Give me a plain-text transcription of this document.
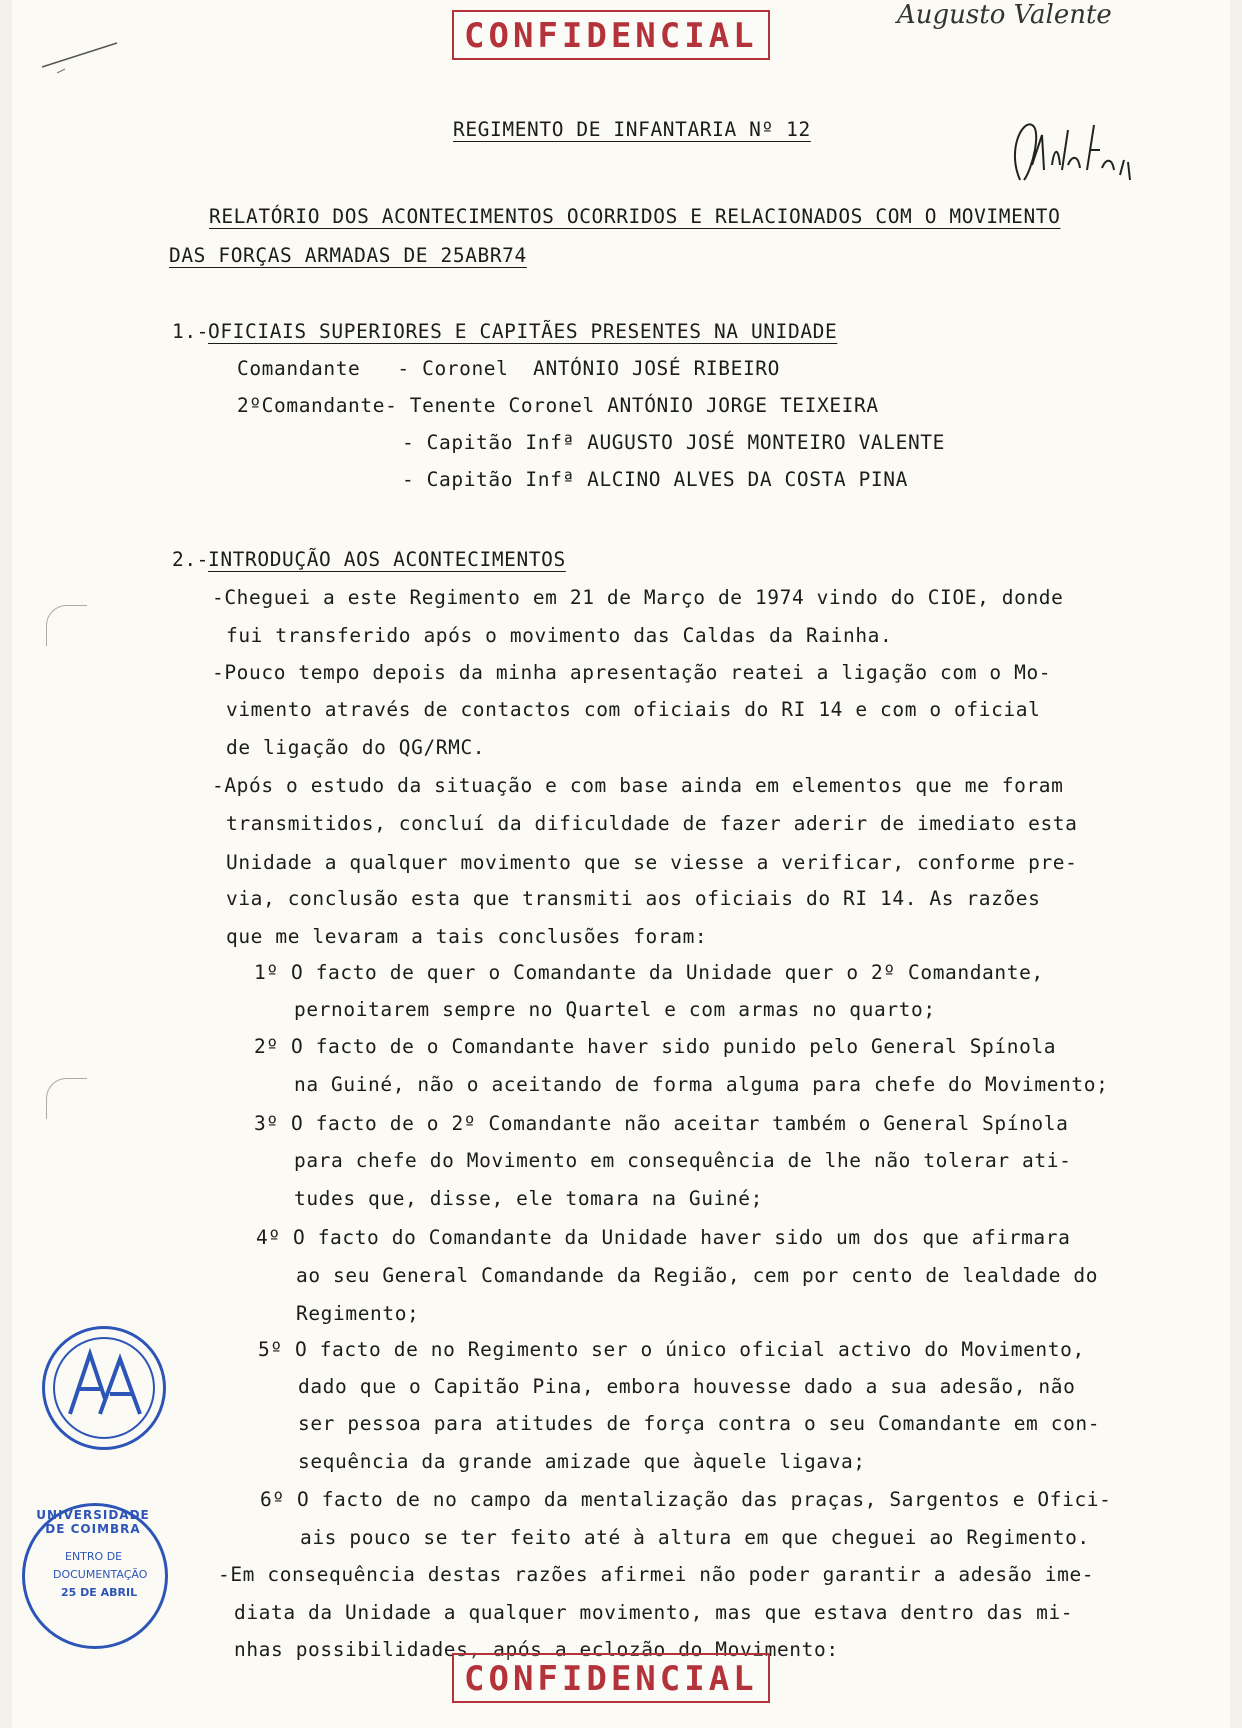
CONFIDENCIAL
Augusto Valente
REGIMENTO DE INFANTARIA Nº 12
RELATÓRIO DOS ACONTECIMENTOS OCORRIDOS E RELACIONADOS COM O MOVIMENTO
DAS FORÇAS ARMADAS DE 25ABR74
1.-
OFICIAIS SUPERIORES E CAPITÃES PRESENTES NA UNIDADE
Comandante   - Coronel  ANTÓNIO JOSÉ RIBEIRO
2ºComandante- Tenente Coronel ANTÓNIO JORGE TEIXEIRA
- Capitão Infª AUGUSTO JOSÉ MONTEIRO VALENTE
- Capitão Infª ALCINO ALVES DA COSTA PINA
2.-
INTRODUÇÃO AOS ACONTECIMENTOS
-Cheguei a este Regimento em 21 de Março de 1974 vindo do CIOE, donde
fui transferido após o movimento das Caldas da Rainha.
-Pouco tempo depois da minha apresentação reatei a ligação com o Mo-
vimento através de contactos com oficiais do RI 14 e com o oficial
de ligação do QG/RMC.
-Após o estudo da situação e com base ainda em elementos que me foram
transmitidos, concluí da dificuldade de fazer aderir de imediato esta
Unidade a qualquer movimento que se viesse a verificar, conforme pre-
via, conclusão esta que transmiti aos oficiais do RI 14. As razões
que me levaram a tais conclusões foram:
1º O facto de quer o Comandante da Unidade quer o 2º Comandante,
pernoitarem sempre no Quartel e com armas no quarto;
2º O facto de o Comandante haver sido punido pelo General Spínola
na Guiné, não o aceitando de forma alguma para chefe do Movimento;
3º O facto de o 2º Comandante não aceitar também o General Spínola
para chefe do Movimento em consequência de lhe não tolerar ati-
tudes que, disse, ele tomara na Guiné;
4º O facto do Comandante da Unidade haver sido um dos que afirmara
ao seu General Comandande da Região, cem por cento de lealdade do
Regimento;
5º O facto de no Regimento ser o único oficial activo do Movimento,
dado que o Capitão Pina, embora houvesse dado a sua adesão, não
ser pessoa para atitudes de força contra o seu Comandante em con-
sequência da grande amizade que àquele ligava;
6º O facto de no campo da mentalização das praças, Sargentos e Ofici-
ais pouco se ter feito até à altura em que cheguei ao Regimento.
-Em consequência destas razões afirmei não poder garantir a adesão ime-
diata da Unidade a qualquer movimento, mas que estava dentro das mi-
nhas possibilidades, após a eclozão do Movimento:
CONFIDENCIAL
UNIVERSIDADE DE COIMBRA
ENTRO DE
DOCUMENTAÇÃO
25 DE ABRIL
